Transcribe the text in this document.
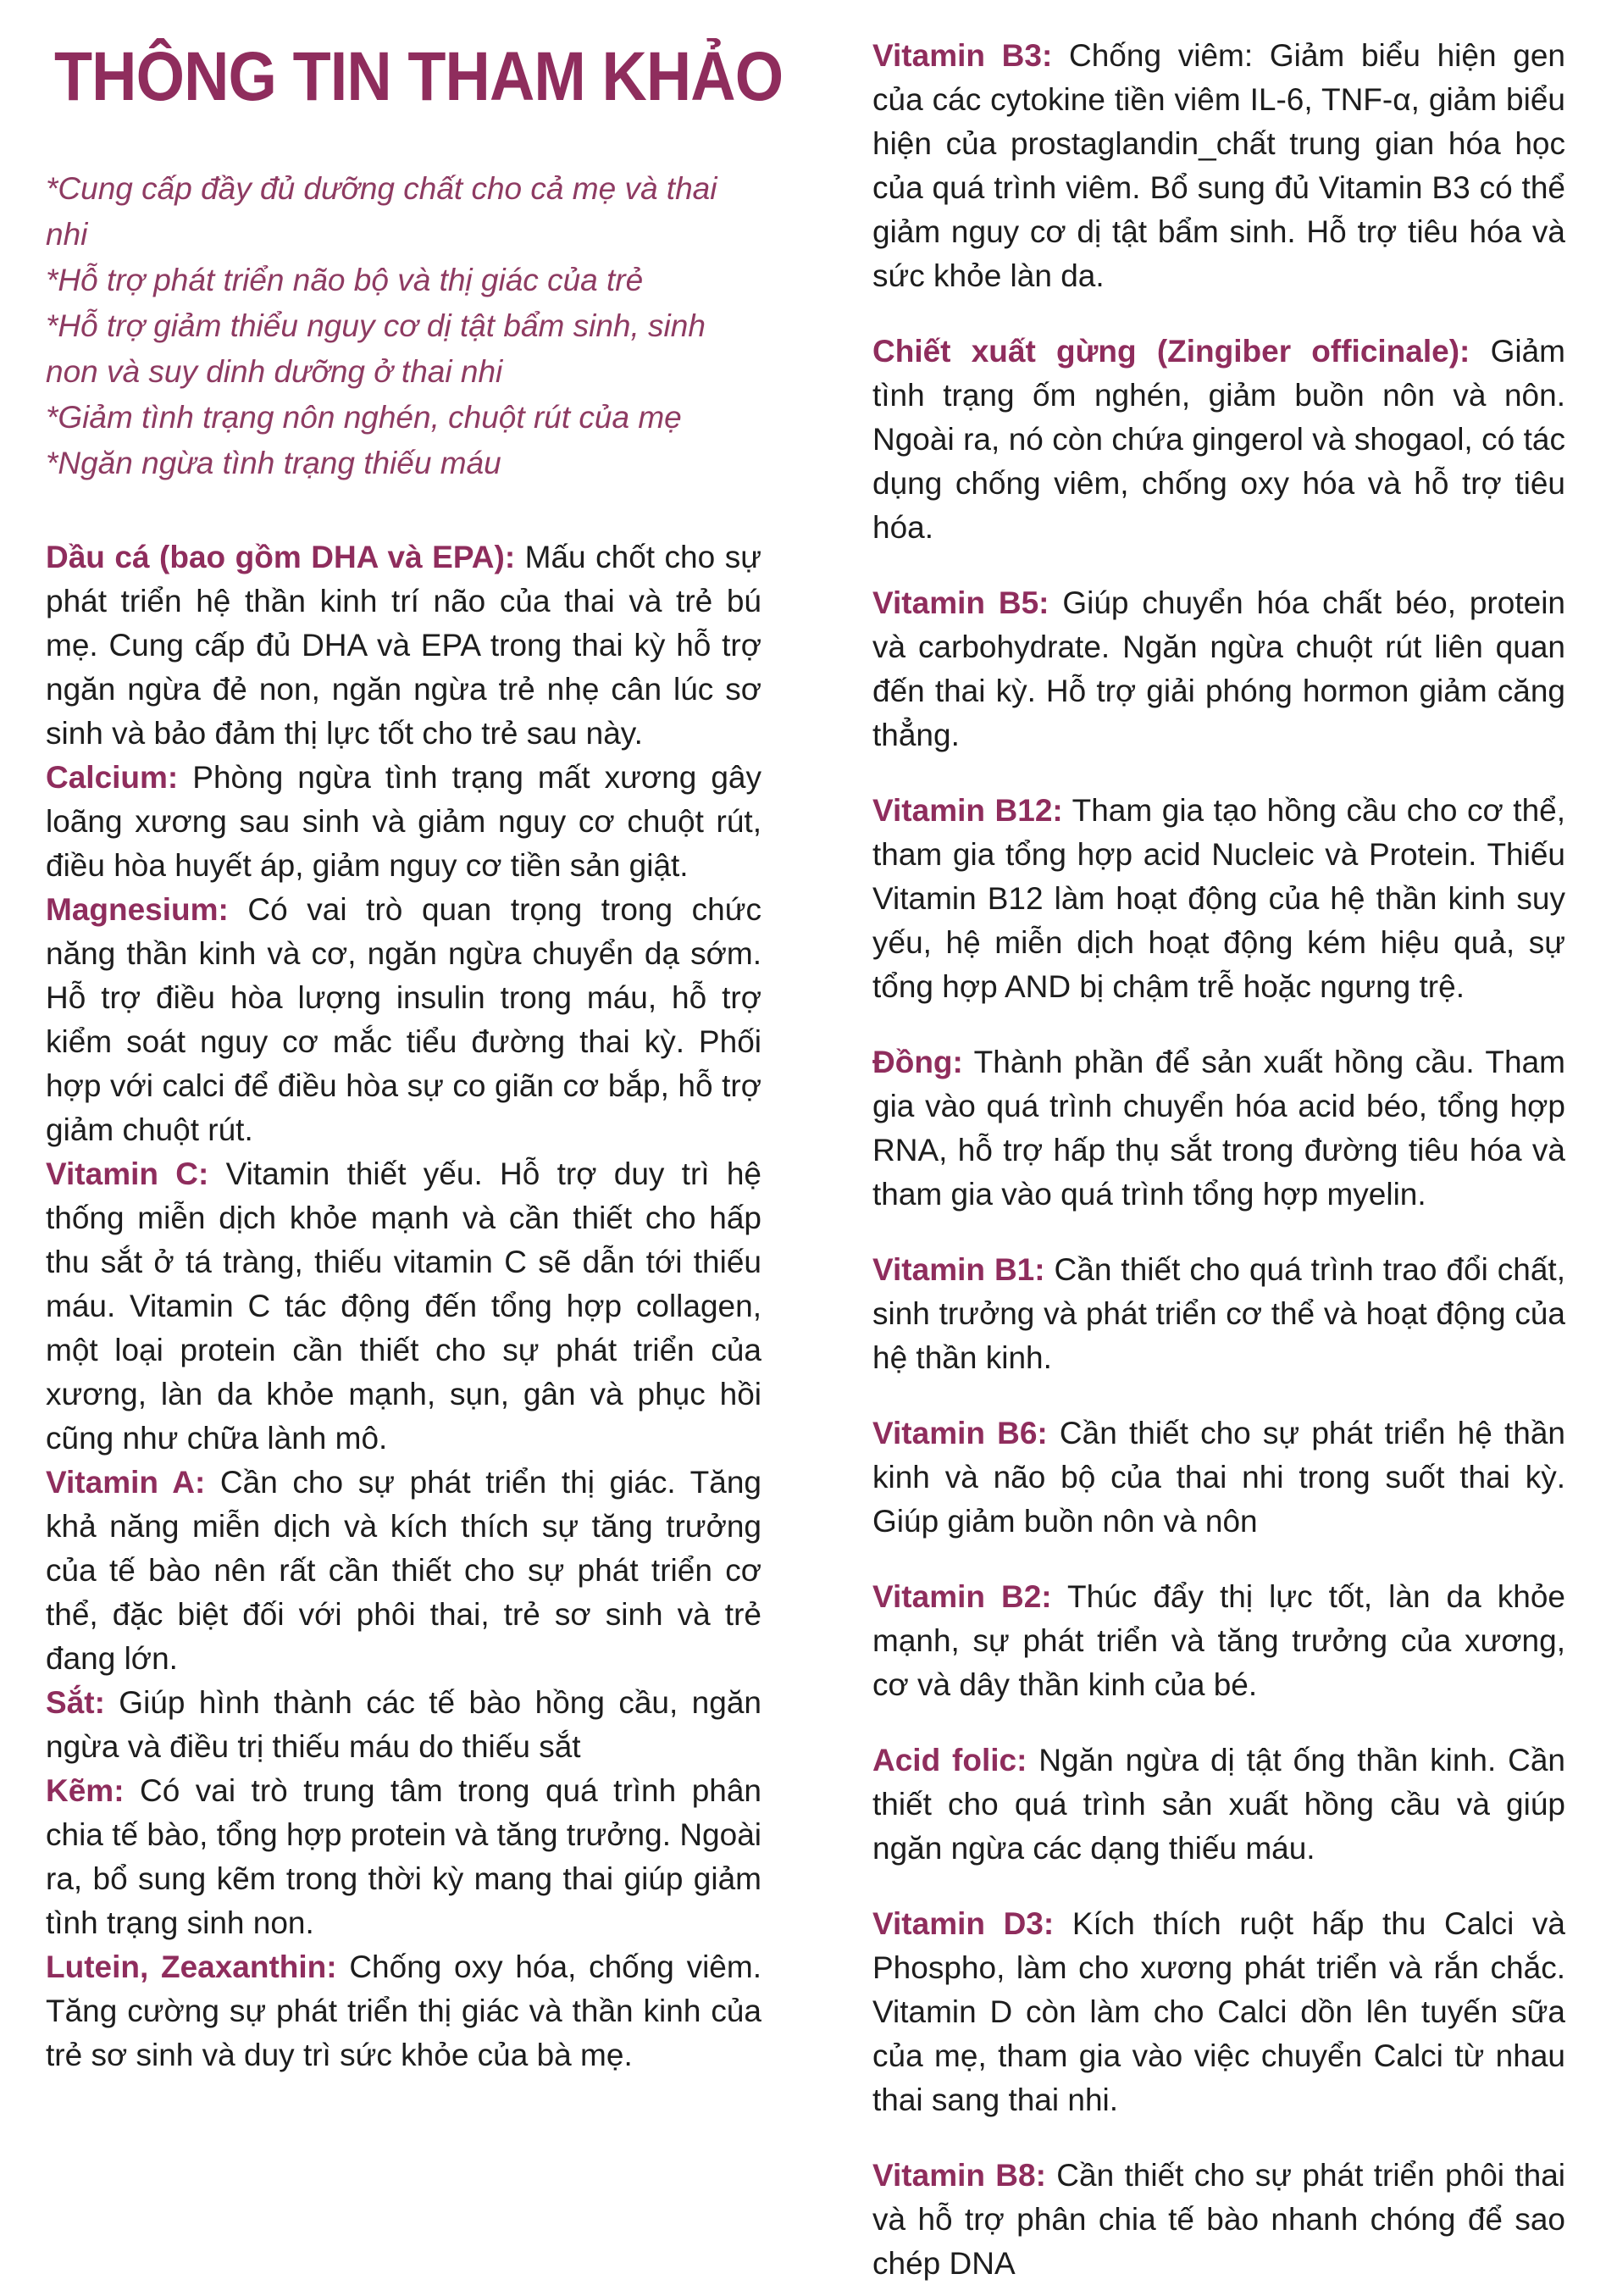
THÔNG TIN THAM KHẢO
*Cung cấp đầy đủ dưỡng chất cho cả mẹ và thai nhi
*Hỗ trợ phát triển não bộ và thị giác của trẻ
*Hỗ trợ giảm thiểu nguy cơ dị tật bẩm sinh, sinh non và suy dinh dưỡng ở thai nhi
*Giảm tình trạng nôn nghén, chuột rút của mẹ
*Ngăn ngừa tình trạng thiếu máu

Dầu cá (bao gồm DHA và EPA): Mấu chốt cho sự phát triển hệ thần kinh trí não của thai và trẻ bú mẹ. Cung cấp đủ DHA và EPA trong thai kỳ hỗ trợ ngăn ngừa đẻ non, ngăn ngừa trẻ nhẹ cân lúc sơ sinh và bảo đảm thị lực tốt cho trẻ sau này.

Calcium: Phòng ngừa tình trạng mất xương gây loãng xương sau sinh và giảm nguy cơ chuột rút, điều hòa huyết áp, giảm nguy cơ tiền sản giật.

Magnesium: Có vai trò quan trọng trong chức năng thần kinh và cơ, ngăn ngừa chuyển dạ sớm. Hỗ trợ điều hòa lượng insulin trong máu, hỗ trợ kiểm soát nguy cơ mắc tiểu đường thai kỳ. Phối hợp với calci để điều hòa sự co giãn cơ bắp, hỗ trợ giảm chuột rút.

Vitamin C: Vitamin thiết yếu. Hỗ trợ duy trì hệ thống miễn dịch khỏe mạnh và cần thiết cho hấp thu sắt ở tá tràng, thiếu vitamin C sẽ dẫn tới thiếu máu. Vitamin C tác động đến tổng hợp collagen, một loại protein cần thiết cho sự phát triển của xương, làn da khỏe mạnh, sụn, gân và phục hồi cũng như chữa lành mô.

Vitamin A: Cần cho sự phát triển thị giác. Tăng khả năng miễn dịch và kích thích sự tăng trưởng của tế bào nên rất cần thiết cho sự phát triển cơ thể, đặc biệt đối với phôi thai, trẻ sơ sinh và trẻ đang lớn.

Sắt: Giúp hình thành các tế bào hồng cầu, ngăn ngừa và điều trị thiếu máu do thiếu sắt

Kẽm: Có vai trò trung tâm trong quá trình phân chia tế bào, tổng hợp protein và tăng trưởng. Ngoài ra, bổ sung kẽm trong thời kỳ mang thai giúp giảm tình trạng sinh non.

Lutein, Zeaxanthin: Chống oxy hóa, chống viêm. Tăng cường sự phát triển thị giác và thần kinh của trẻ sơ sinh và duy trì sức khỏe của bà mẹ.

Vitamin B3: Chống viêm: Giảm biểu hiện gen của các cytokine tiền viêm IL-6, TNF-α, giảm biểu hiện của prostaglandin_chất trung gian hóa học của quá trình viêm. Bổ sung đủ Vitamin B3 có thể giảm nguy cơ dị tật bẩm sinh. Hỗ trợ tiêu hóa và sức khỏe làn da.

Chiết xuất gừng (Zingiber officinale): Giảm tình trạng ốm nghén, giảm buồn nôn và nôn. Ngoài ra, nó còn chứa gingerol và shogaol, có tác dụng chống viêm, chống oxy hóa và hỗ trợ tiêu hóa.

Vitamin B5: Giúp chuyển hóa chất béo, protein và carbohydrate. Ngăn ngừa chuột rút liên quan đến thai kỳ. Hỗ trợ giải phóng hormon giảm căng thẳng.

Vitamin B12: Tham gia tạo hồng cầu cho cơ thể, tham gia tổng hợp acid Nucleic và Protein. Thiếu Vitamin B12 làm hoạt động của hệ thần kinh suy yếu, hệ miễn dịch hoạt động kém hiệu quả, sự tổng hợp AND bị chậm trễ hoặc ngưng trệ.

Đồng: Thành phần để sản xuất hồng cầu. Tham gia vào quá trình chuyển hóa acid béo, tổng hợp RNA, hỗ trợ hấp thụ sắt trong đường tiêu hóa và tham gia vào quá trình tổng hợp myelin.

Vitamin B1: Cần thiết cho quá trình trao đổi chất, sinh trưởng và phát triển cơ thể và hoạt động của hệ thần kinh.

Vitamin B6: Cần thiết cho sự phát triển hệ thần kinh và não bộ của thai nhi trong suốt thai kỳ. Giúp giảm buồn nôn và nôn

Vitamin B2: Thúc đẩy thị lực tốt, làn da khỏe mạnh, sự phát triển và tăng trưởng của xương, cơ và dây thần kinh của bé.

Acid folic: Ngăn ngừa dị tật ống thần kinh. Cần thiết cho quá trình sản xuất hồng cầu và giúp ngăn ngừa các dạng thiếu máu.

Vitamin D3: Kích thích ruột hấp thu Calci và Phospho, làm cho xương phát triển và rắn chắc. Vitamin D còn làm cho Calci dồn lên tuyến sữa của mẹ, tham gia vào việc chuyển Calci từ nhau thai sang thai nhi.

Vitamin B8: Cần thiết cho sự phát triển phôi thai và hỗ trợ phân chia tế bào nhanh chóng để sao chép DNA
